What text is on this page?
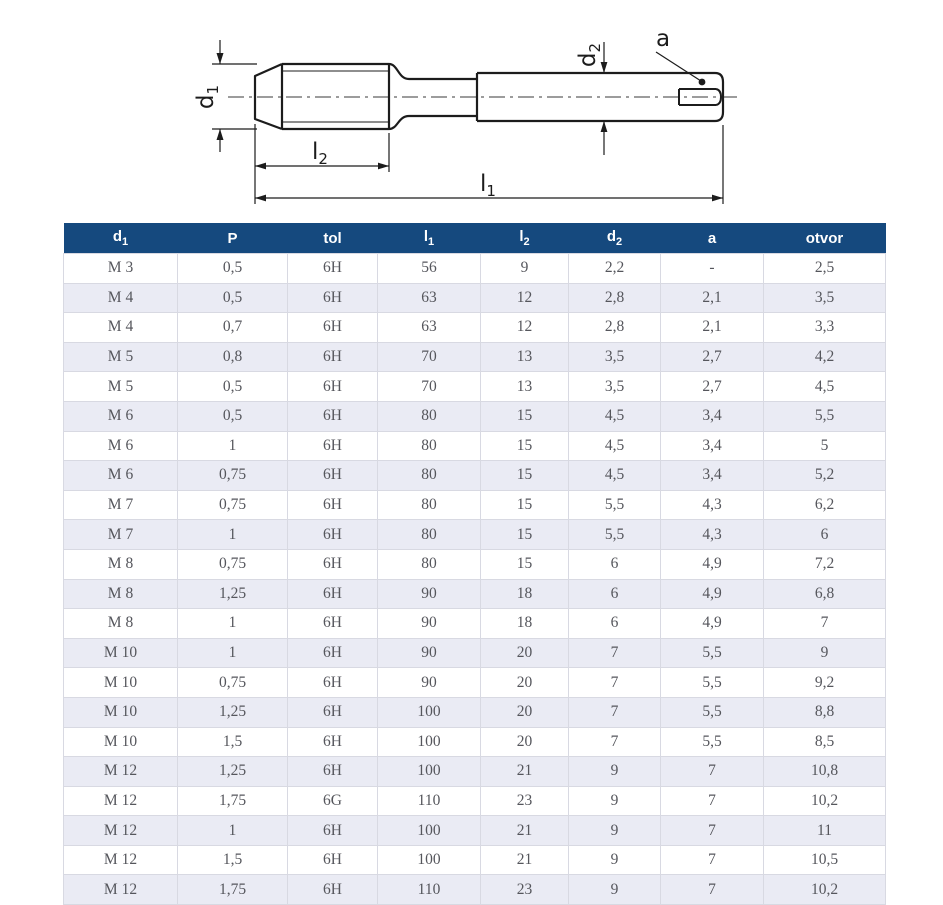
$d_1$
$l_2$
$l_1$
$d_2$ a
$d_1$	P	tol	$l_1$	$l_2$	$d_2$	a	otvor
M 3	0,5	6H	56	9	2,2	-	2,5
M 4	0,5	6H	63	12	2,8	2,1	3,5
M 4	0,7	6H	63	12	2,8	2,1	3,3
M 5	0,8	6H	70	13	3,5	2,7	4,2
M 5	0,5	6H	70	13	3,5	2,7	4,5
M 6	0,5	6H	80	15	4,5	3,4	5,5
M 6	1	6H	80	15	4,5	3,4	5
M 6	0,75	6H	80	15	4,5	3,4	5,2
M 7	0,75	6H	80	15	5,5	4,3	6,2
M 7	1	6H	80	15	5,5	4,3	6
M 8	0,75	6H	80	15	6	4,9	7,2
M 8	1,25	6H	90	18	6	4,9	6,8
M 8	1	6H	90	18	6	4,9	7
M 10	1	6H	90	20	7	5,5	9
M 10	0,75	6H	90	20	7	5,5	9,2
M 10	1,25	6H	100	20	7	5,5	8,8
M 10	1,5	6H	100	20	7	5,5	8,5
M 12	1,25	6H	100	21	9	7	10,8
M 12	1,75	6G	110	23	9	7	10,2
M 12	1	6H	100	21	9	7	11
M 12	1,5	6H	100	21	9	7	10,5
M 12	1,75	6H	110	23	9	7	10,2
